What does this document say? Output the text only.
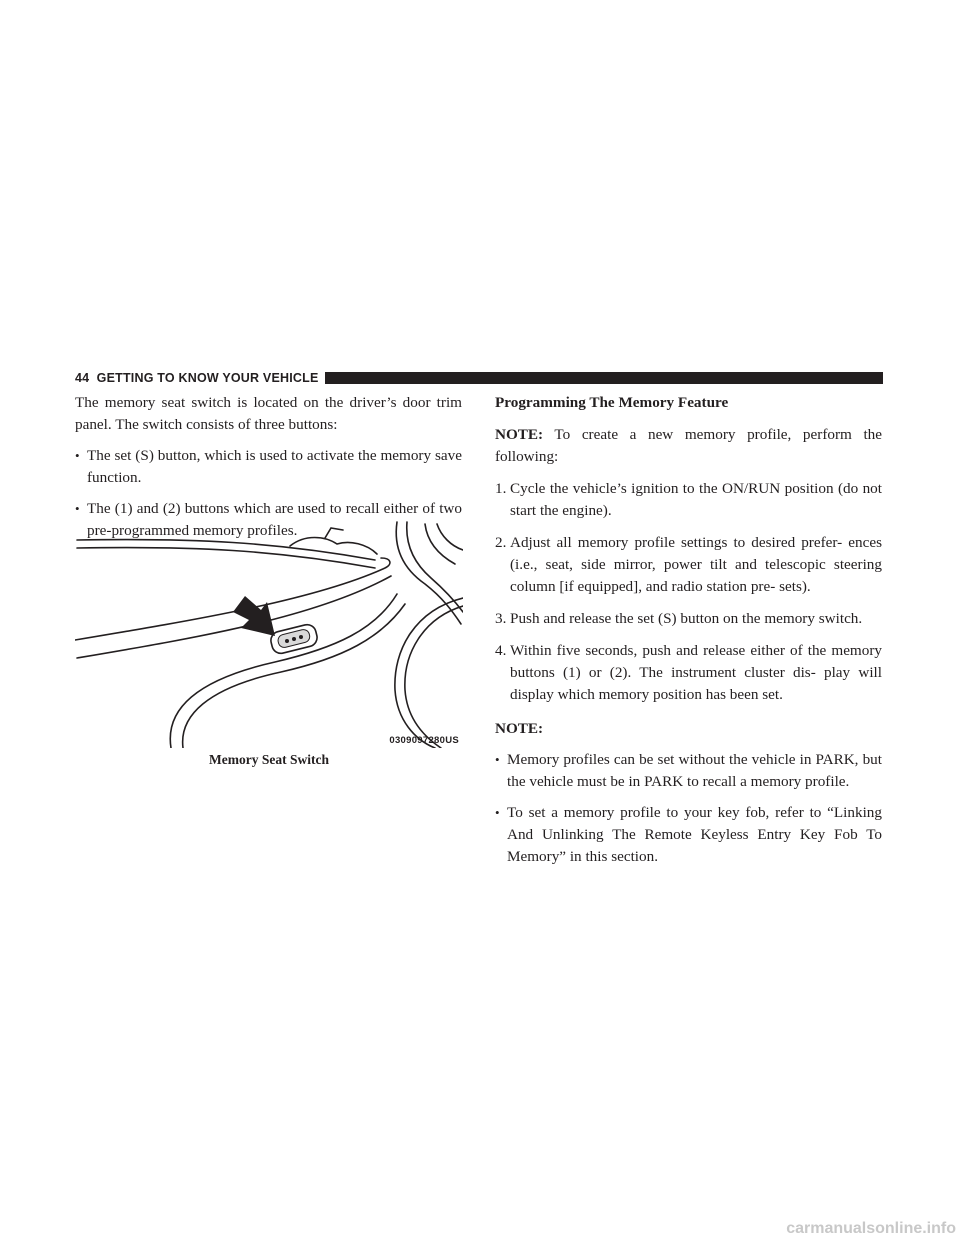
44 GETTING TO KNOW YOUR VEHICLE

The memory seat switch is located on the driver’s door trim panel. The switch consists of three buttons:

• The set (S) button, which is used to activate the memory save function.
• The (1) and (2) buttons which are used to recall either of two pre-programmed memory profiles.
0309097280US
Memory Seat Switch
Programming The Memory Feature

NOTE: To create a new memory profile, perform the following:

1. Cycle the vehicle’s ignition to the ON/RUN position (do not start the engine).
2. Adjust all memory profile settings to desired prefer- ences (i.e., seat, side mirror, power tilt and telescopic steering column [if equipped], and radio station pre- sets).
3. Push and release the set (S) button on the memory switch.
4. Within five seconds, push and release either of the memory buttons (1) or (2). The instrument cluster dis- play will display which memory position has been set.
NOTE:
• Memory profiles can be set without the vehicle in PARK, but the vehicle must be in PARK to recall a memory profile.
• To set a memory profile to your key fob, refer to “Linking And Unlinking The Remote Keyless Entry Key Fob To Memory” in this section.
carmanualsonline.info
